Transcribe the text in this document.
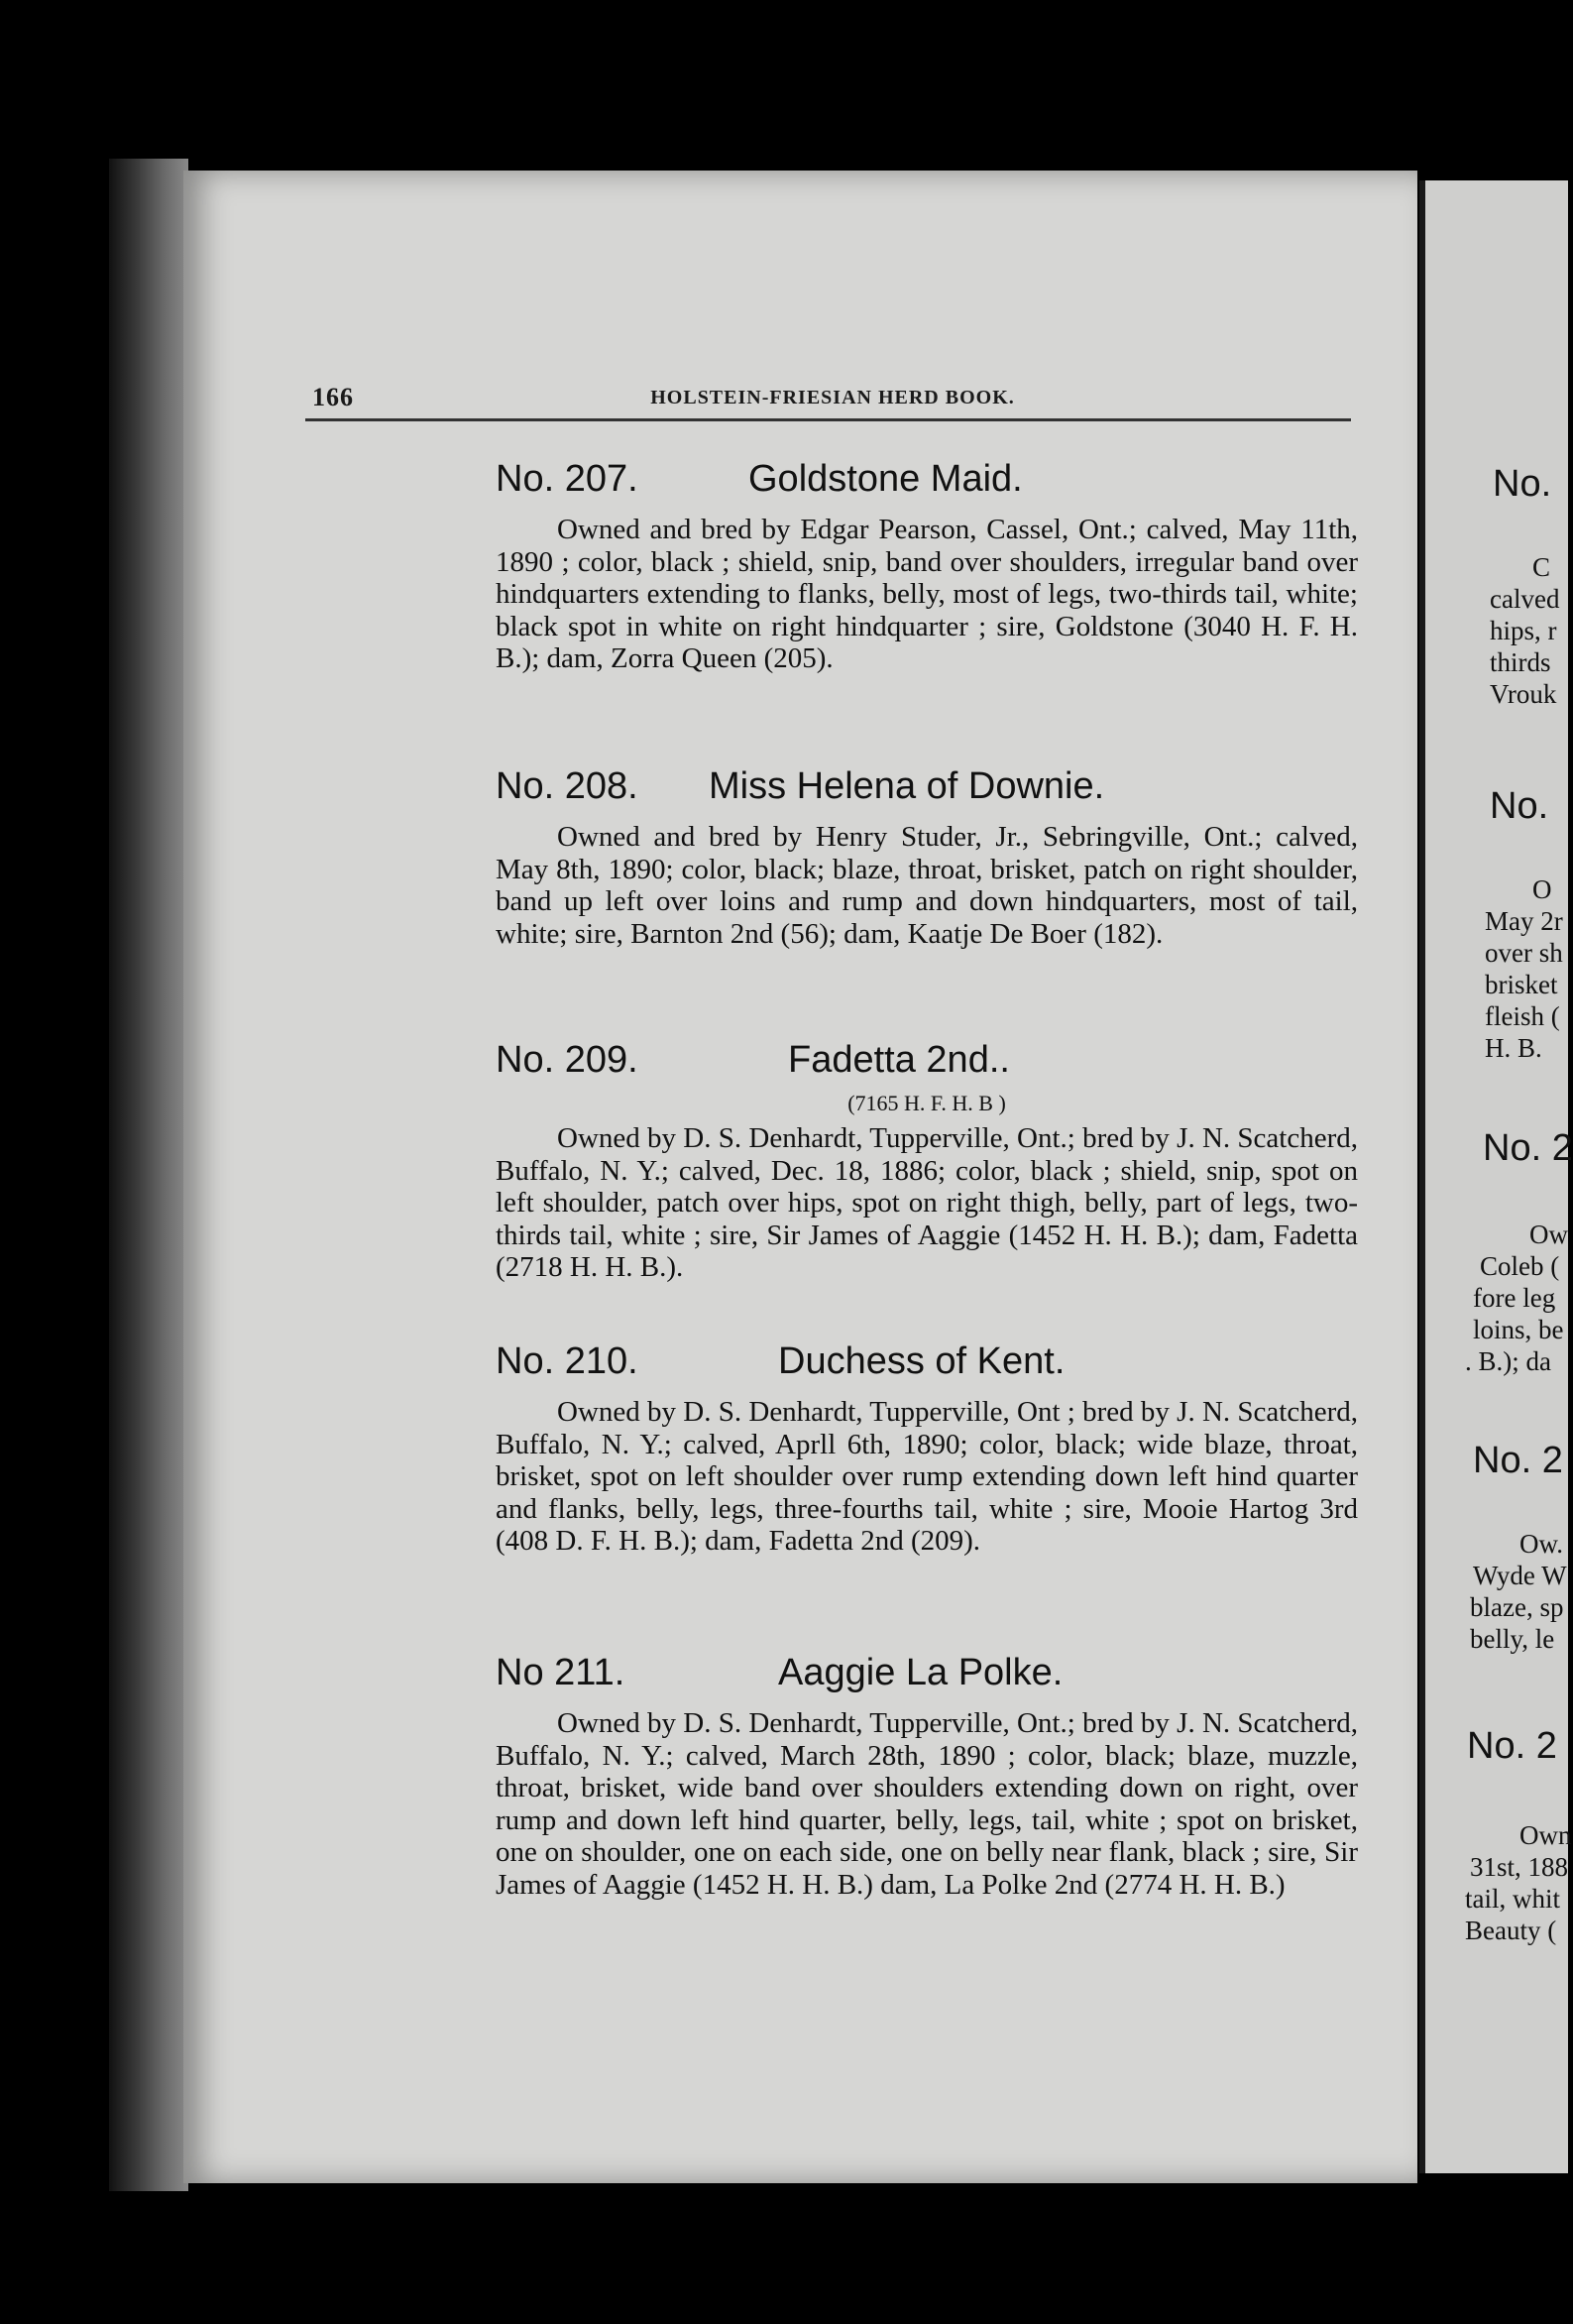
166	HOLSTEIN-FRIESIAN HERD BOOK.
No. 207.	Goldstone Maid.
Owned and bred by Edgar Pearson, Cassel, Ont.; calved, May 11th, 1890 ; color, black ; shield, snip, band over shoulders, irregular band over hindquarters extending to flanks, belly, most of legs, two-thirds tail, white; black spot in white on right hindquarter ; sire, Goldstone (3040 H. F. H. B.); dam, Zorra Queen (205).
No. 208. Miss Helena of Downie.
Owned and bred by Henry Studer, Jr., Sebringville, Ont.; calved, May 8th, 1890; color, black; blaze, throat, brisket, patch on right shoulder, band up left over loins and rump and down hindquarters, most of tail, white; sire, Barnton 2nd (56); dam, Kaatje De Boer (182).
No. 209.	Fadetta 2nd..
(7165 H. F. H. B )
Owned by D. S. Denhardt, Tupperville, Ont.; bred by J. N. Scatcherd, Buffalo, N. Y.; calved, Dec. 18, 1886; color, black ; shield, snip, spot on left shoulder, patch over hips, spot on right thigh, belly, part of legs, two-thirds tail, white ; sire, Sir James of Aaggie (1452 H. H. B.); dam, Fadetta (2718 H. H. B.).
No. 210.	Duchess of Kent.
Owned by D. S. Denhardt, Tupperville, Ont ; bred by J. N. Scatcherd, Buffalo, N. Y.; calved, Aprll 6th, 1890; color, black; wide blaze, throat, brisket, spot on left shoulder over rump extending down left hind quarter and flanks, belly, legs, three-fourths tail, white ; sire, Mooie Hartog 3rd (408 D. F. H. B.); dam, Fadetta 2nd (209).
No 211.	Aaggie La Polke.
Owned by D. S. Denhardt, Tupperville, Ont.; bred by J. N. Scatcherd, Buffalo, N. Y.; calved, March 28th, 1890 ; color, black; blaze, muzzle, throat, brisket, wide band over shoulders extending down on right, over rump and down left hind quarter, belly, legs, tail, white ; spot on brisket, one on shoulder, one on each side, one on belly near flank, black ; sire, Sir James of Aaggie (1452 H. H. B.) dam, La Polke 2nd (2774 H. H. B.)
No.
C
calved
hips, r
thirds
Vrouk
No.
O
May 2r
over sh
brisket
fleish (
H. B.
No. 2
Ow
Coleb (
fore leg
loins, be
. B.); da
No. 2
Ow.
Wyde W
blaze, sp
belly, le
No. 2
Own
31st, 188
tail, whit
Beauty (
